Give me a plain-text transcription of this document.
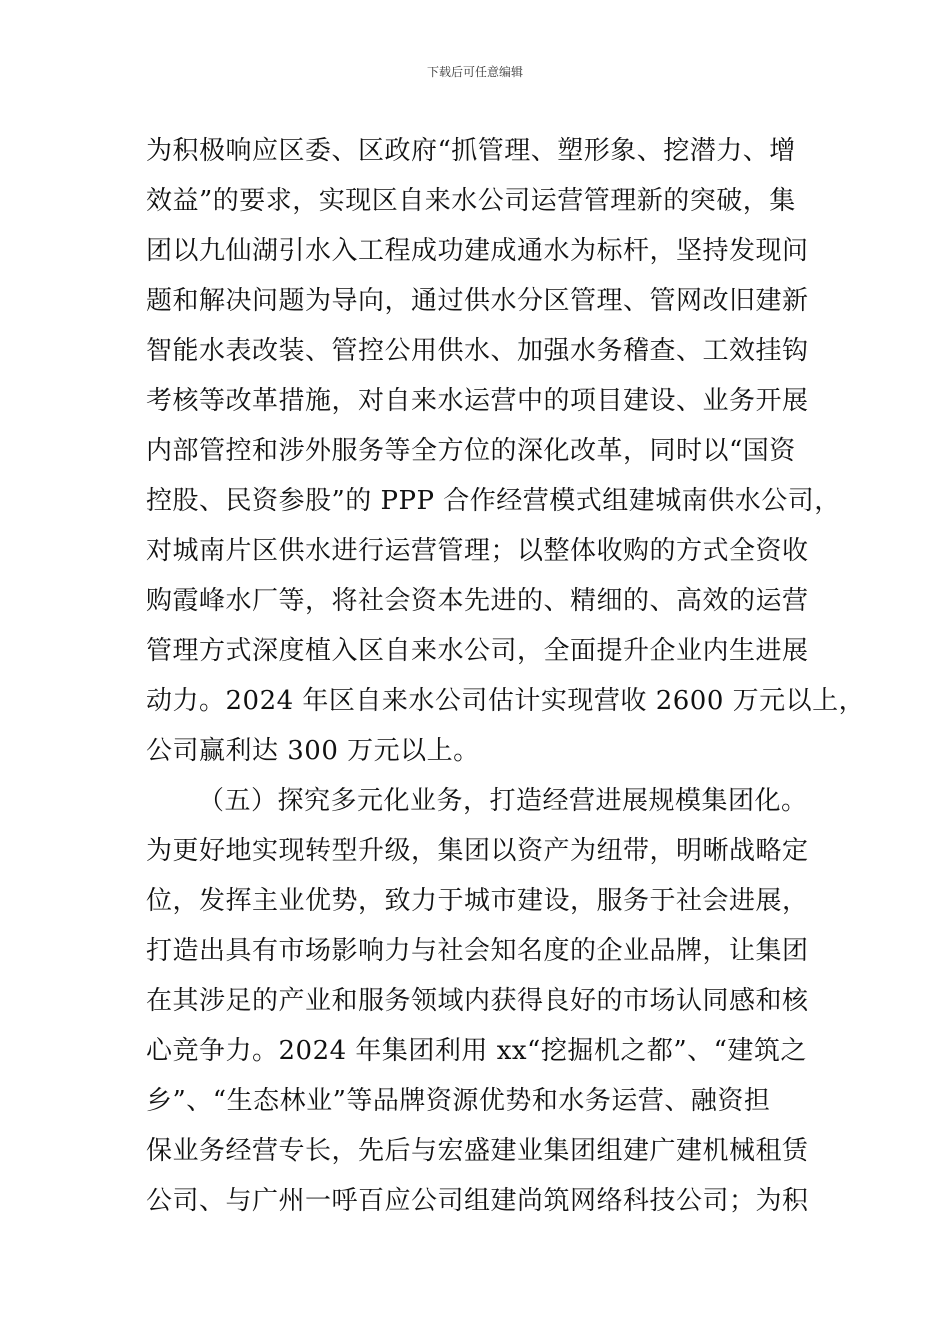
下载后可任意编辑
为积极响应区委、区政府“抓管理、塑形象、挖潜力、增
效益”的要求，实现区自来水公司运营管理新的突破，集
团以九仙湖引水入工程成功建成通水为标杆，坚持发现问
题和解决问题为导向，通过供水分区管理、管网改旧建新
智能水表改装、管控公用供水、加强水务稽查、工效挂钩
考核等改革措施，对自来水运营中的项目建设、业务开展
内部管控和涉外服务等全方位的深化改革，同时以“国资
控股、民资参股”的 PPP 合作经营模式组建城南供水公司，
对城南片区供水进行运营管理；以整体收购的方式全资收
购霞峰水厂等，将社会资本先进的、精细的、高效的运营
管理方式深度植入区自来水公司，全面提升企业内生进展
动力。2024 年区自来水公司估计实现营收 2600 万元以上，
公司赢利达 300 万元以上。
（五）探究多元化业务，打造经营进展规模集团化。
为更好地实现转型升级，集团以资产为纽带，明晰战略定
位，发挥主业优势，致力于城市建设，服务于社会进展，
打造出具有市场影响力与社会知名度的企业品牌，让集团
在其涉足的产业和服务领域内获得良好的市场认同感和核
心竞争力。2024 年集团利用 xx“挖掘机之都”、“建筑之
乡”、“生态林业”等品牌资源优势和水务运营、融资担
保业务经营专长，先后与宏盛建业集团组建广建机械租赁
公司、与广州一呼百应公司组建尚筑网络科技公司；为积
